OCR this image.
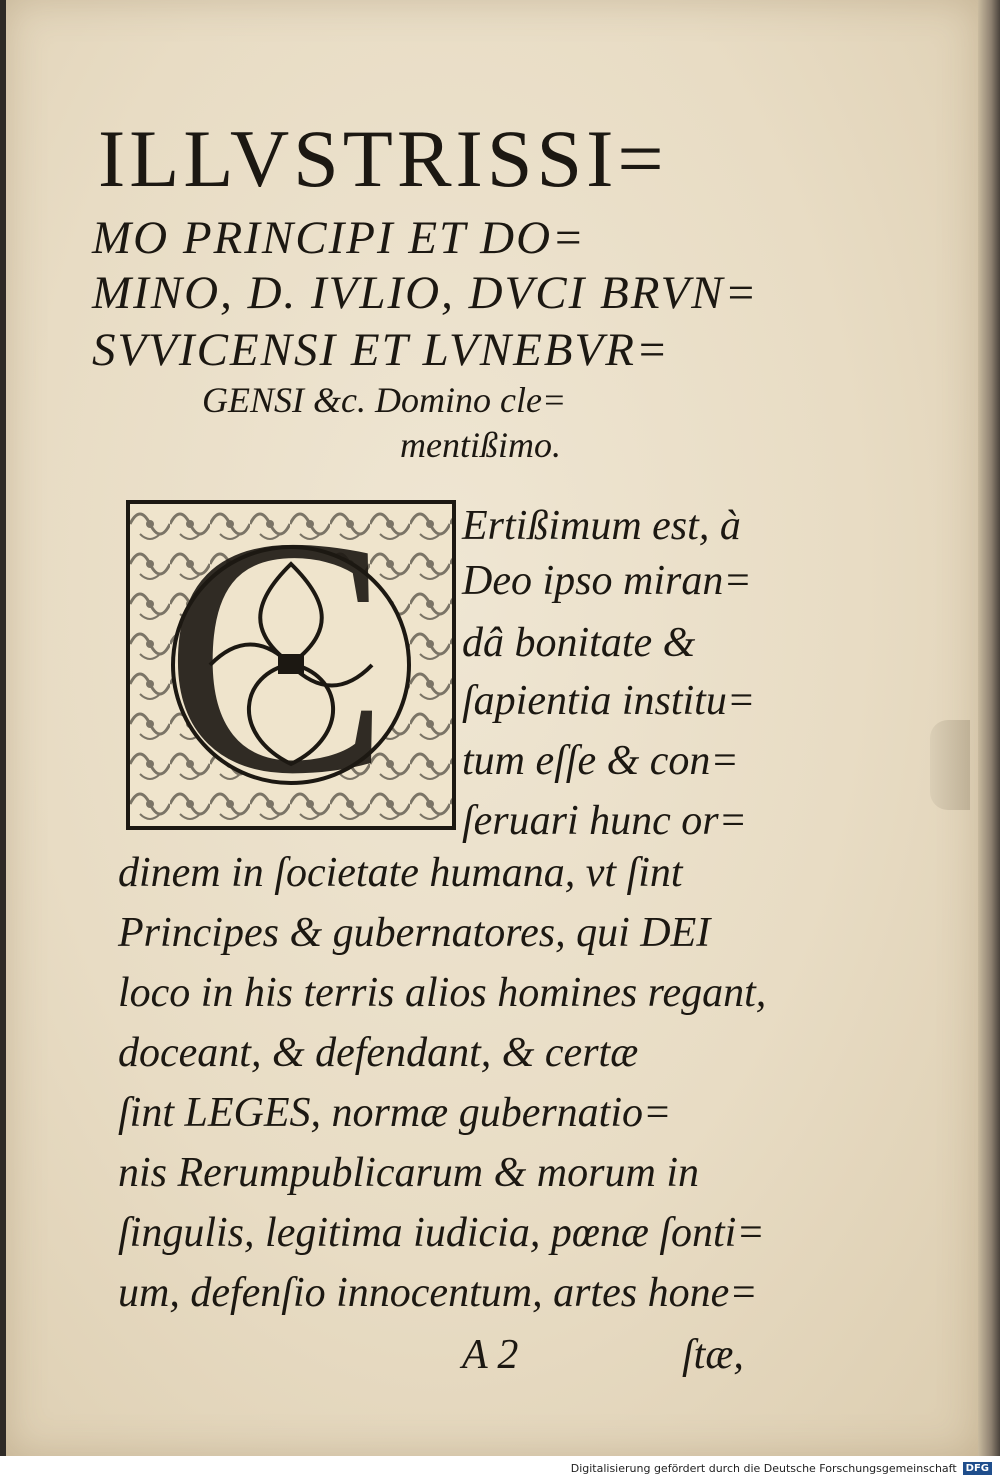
ILLVSTRISSI=
MO PRINCIPI ET DO=
MINO, D. IVLIO, DVCI BRVN=
SVVICENSI ET LVNEBVR=
GENSI &c. Domino cle=
mentißimo.
C Ertißimum est, à
Deo ipso miran=
dâ bonitate &
ſapientia institu=
tum eſſe & con=
ſeruari hunc or=
dinem in ſocietate humana, vt ſint
Principes & gubernatores, qui DEI
loco in his terris alios homines regant,
doceant, & defendant, & certæ
ſint LEGES, normæ gubernatio=
nis Rerumpublicarum & morum in
ſingulis, legitima iudicia, pœnæ ſonti=
um, defenſio innocentum, artes hone=
A 2	ſtæ,
Digitalisierung gefördert durch die Deutsche Forschungsgemeinschaft DFG
